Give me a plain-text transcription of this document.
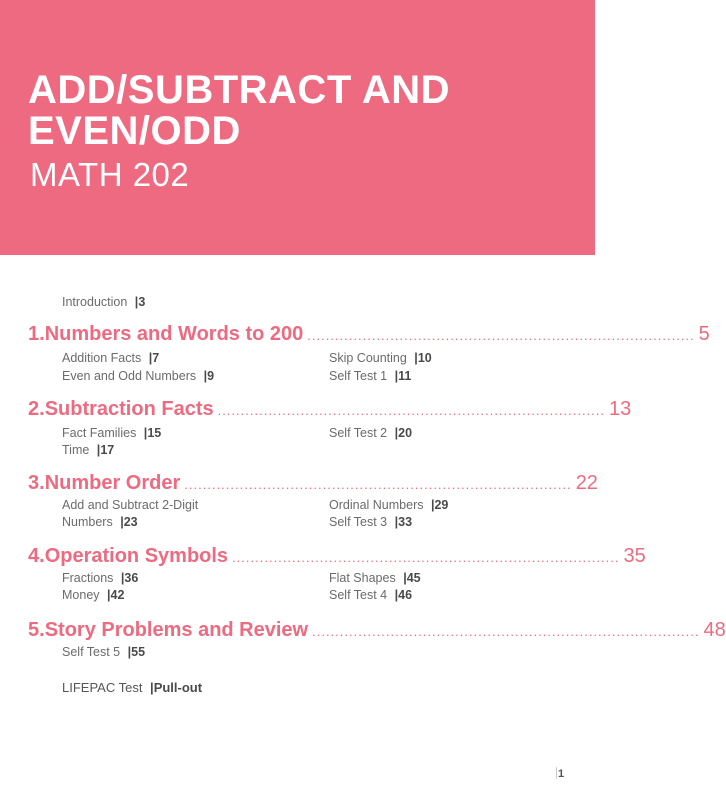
ADD/SUBTRACT AND
EVEN/ODD
MATH 202
Introduction |3
1. Numbers and Words to 200 .................................................................................... 5
Addition Facts |7
Even and Odd Numbers |9
Skip Counting |10
Self Test 1 |11
2. Subtraction Facts .................................................................................... 13
Fact Families |15
Time |17
Self Test 2 |20
3. Number Order .................................................................................... 22
Add and Subtract 2-Digit
Numbers |23
Ordinal Numbers |29
Self Test 3 |33
4. Operation Symbols .................................................................................... 35
Fractions |36
Money |42
Flat Shapes |45
Self Test 4 |46
5. Story Problems and Review .................................................................................... 48
Self Test 5 |55
LIFEPAC Test |Pull-out
1
